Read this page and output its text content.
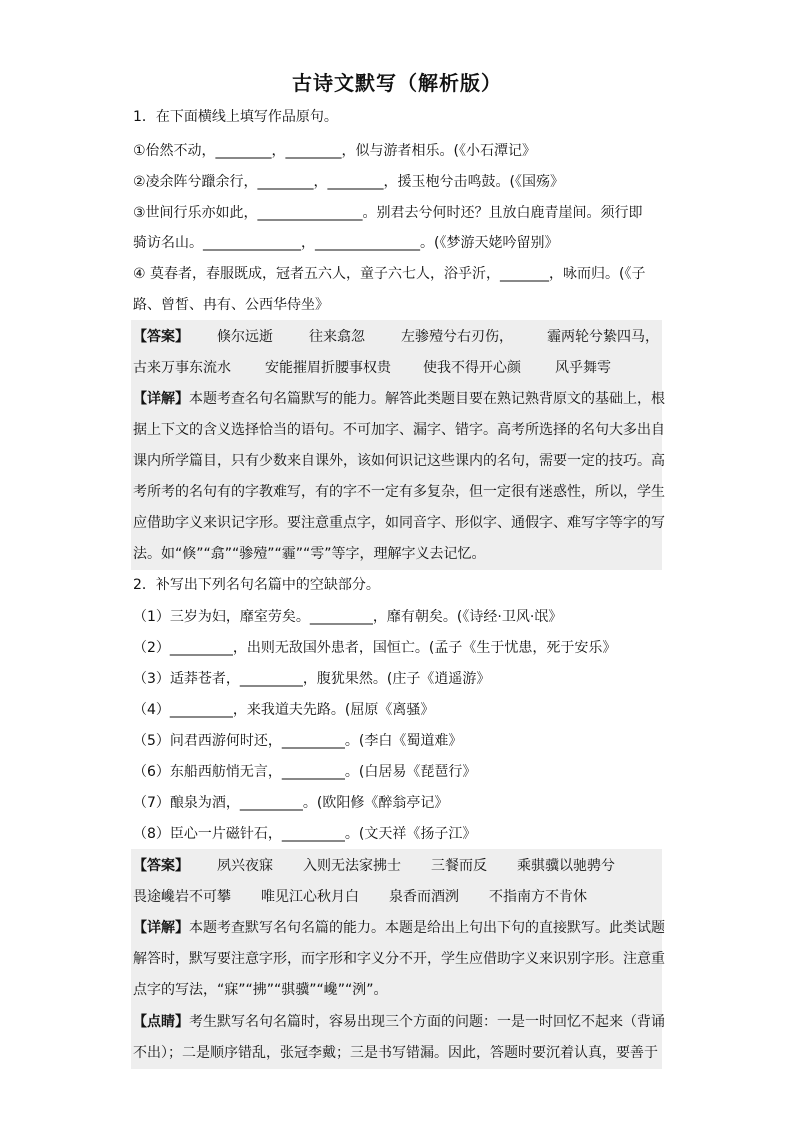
古诗文默写（解析版）
1．在下面横线上填写作品原句。
①佁然不动，________，________，似与游者相乐。(《小石潭记》
②凌余阵兮躐余行，________，________，援玉枹兮击鸣鼓。(《国殇》
③世间行乐亦如此，_______________。别君去兮何时还？且放白鹿青崖间。须行即
骑访名山。______________，_______________。(《梦游天姥吟留别》
④ 莫春者，春服既成，冠者五六人，童子六七人，浴乎沂，_______，咏而归。(《子
路、曾皙、冉有、公西华侍坐》
【答案】 倏尔远逝	往来翕忽	左骖殪兮右刃伤， 霾两轮兮絷四马，
古来万事东流水 安能摧眉折腰事权贵 使我不得开心颜 风乎舞雩
【详解】本题考查名句名篇默写的能力。解答此类题目要在熟记熟背原文的基础上，根
据上下文的含义选择恰当的语句。不可加字、漏字、错字。高考所选择的名句大多出自
课内所学篇目，只有少数来自课外，该如何识记这些课内的名句，需要一定的技巧。高
考所考的名句有的字教难写，有的字不一定有多复杂，但一定很有迷惑性，所以，学生
应借助字义来识记字形。要注意重点字，如同音字、形似字、通假字、难写字等字的写
法。如“倏”“翕”“骖殪”“霾”“雩”等字，理解字义去记忆。
2．补写出下列名句名篇中的空缺部分。
（1）三岁为妇，靡室劳矣。_________，靡有朝矣。(《诗经·卫风·氓》
（2）_________，出则无敌国外患者，国恒亡。(孟子《生于忧患，死于安乐》
（3）适莽苍者，_________，腹犹果然。(庄子《逍遥游》
（4）_________，来我道夫先路。(屈原《离骚》
（5）问君西游何时还，_________。(李白《蜀道难》
（6）东船西舫悄无言，_________。(白居易《琵琶行》
（7）酿泉为酒，_________。(欧阳修《醉翁亭记》
（8）臣心一片磁针石，_________。(文天祥《扬子江》
【答案】 夙兴夜寐 入则无法家拂士 三餐而反 乘骐骥以驰骋兮
畏途巉岩不可攀 唯见江心秋月白 泉香而酒洌 不指南方不肯休
【详解】本题考查默写名句名篇的能力。本题是给出上句出下句的直接默写。此类试题
解答时，默写要注意字形，而字形和字义分不开，学生应借助字义来识别字形。注意重
点字的写法，“寐”“拂”“骐骥”“巉”“洌”。
【点睛】考生默写名句名篇时，容易出现三个方面的问题：一是一时回忆不起来（背诵
不出）；二是顺序错乱，张冠李戴；三是书写错漏。因此，答题时要沉着认真，要善于
